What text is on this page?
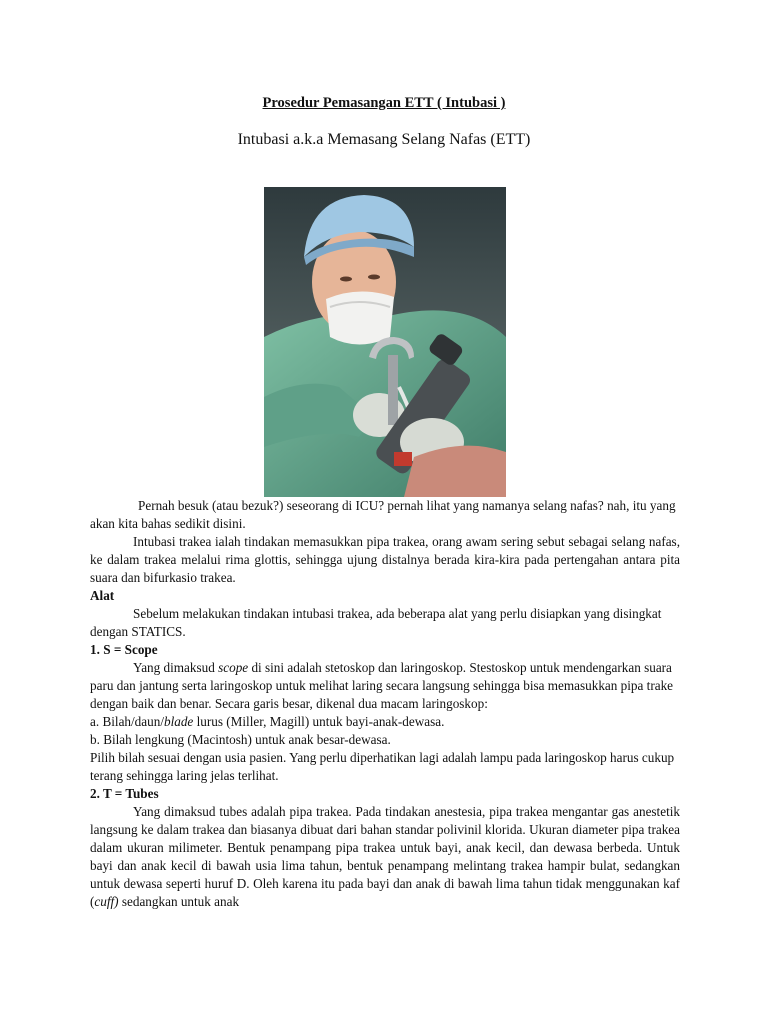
Prosedur Pemasangan ETT ( Intubasi )
Intubasi a.k.a Memasang Selang Nafas (ETT)

Pernah besuk (atau bezuk?) seseorang di ICU? pernah lihat yang namanya selang nafas? nah, itu yang akan kita bahas sedikit disini.

Intubasi trakea ialah tindakan memasukkan pipa trakea, orang awam sering sebut sebagai selang nafas, ke dalam trakea melalui rima glottis, sehingga ujung distalnya berada kira-kira pada pertengahan antara pita suara dan bifurkasio trakea.

Alat

Sebelum melakukan tindakan intubasi trakea, ada beberapa alat yang perlu disiapkan yang disingkat dengan STATICS.

1. S = Scope

Yang dimaksud scope di sini adalah stetoskop dan laringoskop. Stestoskop untuk mendengarkan suara paru dan jantung serta laringoskop untuk melihat laring secara langsung sehingga bisa memasukkan pipa trake dengan baik dan benar. Secara garis besar, dikenal dua macam laringoskop:

a. Bilah/daun/blade lurus (Miller, Magill) untuk bayi-anak-dewasa.

b. Bilah lengkung (Macintosh) untuk anak besar-dewasa.

Pilih bilah sesuai dengan usia pasien. Yang perlu diperhatikan lagi adalah lampu pada laringoskop harus cukup terang sehingga laring jelas terlihat.

2. T = Tubes

Yang dimaksud tubes adalah pipa trakea. Pada tindakan anestesia, pipa trakea mengantar gas anestetik langsung ke dalam trakea dan biasanya dibuat dari bahan standar polivinil klorida. Ukuran diameter pipa trakea dalam ukuran milimeter. Bentuk penampang pipa trakea untuk bayi, anak kecil, dan dewasa berbeda. Untuk bayi dan anak kecil di bawah usia lima tahun, bentuk penampang melintang trakea hampir bulat, sedangkan untuk dewasa seperti huruf D. Oleh karena itu pada bayi dan anak di bawah lima tahun tidak menggunakan kaf (cuff) sedangkan untuk anak
